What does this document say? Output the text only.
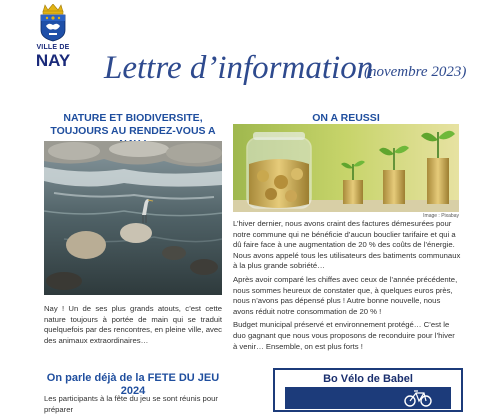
VILLE DE
NAY Lettre d’information
(novembre 2023)
NATURE ET BIODIVERSITE, TOUJOURS AU RENDEZ-VOUS A
Nay ! Un de ses plus grands atouts, c’est cette nature toujours à portée de main qui se traduit quelquefois par des rencontres, en pleine ville, avec des animaux extraordinaires…
ON A REUSSI
Image : Pixabay

L’hiver dernier, nous avons craint des factures démesurées pour notre commune qui ne bénéficie d’aucun bouclier tarifaire et qui a dû faire face à une augmentation de 20 % des coûts de l’énergie. Nous avons appelé tous les utilisateurs des batiments communaux à la plus grande sobriété…

Après avoir comparé les chiffes avec ceux de l’année précédente, nous sommes heureux de constater que, à quelques euros près, nous n’avons pas dépensé plus ! Autre bonne nouvelle, nous avons réduit notre consommation de 20 % !

Budget municipal préservé et environnement protégé… C’est le duo gagnant que nous vous proposons de reconduire pour l’hiver à venir… Ensemble, on est plus forts !

On parle déjà de la FETE DU JEU 2024
Les participants à la fête du jeu se sont réunis pour préparer
Bo Vélo de Babel
